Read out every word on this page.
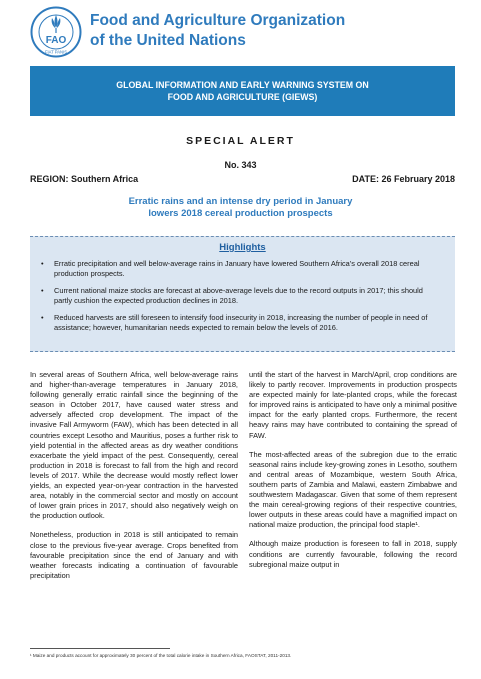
FAO
FIAT PANIS
Food and Agriculture Organization
of the United Nations
GLOBAL INFORMATION AND EARLY WARNING SYSTEM ON
FOOD AND AGRICULTURE (GIEWS)
SPECIAL ALERT
No. 343
REGION: Southern Africa	DATE: 26 February 2018
Erratic rains and an intense dry period in January
lowers 2018 cereal production prospects
Highlights
•	Erratic precipitation and well below-average rains in January have lowered Southern Africa’s overall 2018 cereal production prospects.
•	Current national maize stocks are forecast at above-average levels due to the record outputs in 2017; this should partly cushion the expected production declines in 2018.
•	Reduced harvests are still foreseen to intensify food insecurity in 2018, increasing the number of people in need of assistance; however, humanitarian needs expected to remain below the levels of 2016.

In several areas of Southern Africa, well below-average rains and higher-than-average temperatures in January 2018, following generally erratic rainfall since the beginning of the season in October 2017, have caused water stress and adversely affected crop development. The impact of the invasive Fall Armyworm (FAW), which has been detected in all countries except Lesotho and Mauritius, poses a further risk to yield potential in the affected areas as dry weather conditions exacerbate the yield impact of the pest. Consequently, cereal production in 2018 is forecast to fall from the high and record levels of 2017. While the decrease would mostly reflect lower yields, an expected year-on-year contraction in the harvested area, notably in the commercial sector and mostly on account of lower grain prices in 2017, should also negatively weigh on the production outlook.

Nonetheless, production in 2018 is still anticipated to remain close to the previous five-year average. Crops benefited from favourable precipitation since the end of January and with weather forecasts indicating a continuation of favourable precipitation

until the start of the harvest in March/April, crop conditions are likely to partly recover. Improvements in production prospects are expected mainly for late-planted crops, while the forecast for improved rains is anticipated to have only a minimal positive impact for the early planted crops. Furthermore, the recent heavy rains may have contributed to containing the spread of FAW.

The most-affected areas of the subregion due to the erratic seasonal rains include key-growing zones in Lesotho, southern and central areas of Mozambique, western South Africa, southern parts of Zambia and Malawi, eastern Zimbabwe and southwestern Madagascar. Given that some of them represent the main cereal-growing regions of their respective countries, lower outputs in these areas could have a magnified impact on national maize production, the principal food staple¹.

Although maize production is foreseen to fall in 2018, supply conditions are currently favourable, following the record subregional maize output in

¹ Maize and products account for approximately 30 percent of the total calorie intake in Southern Africa, FAOSTAT, 2011-2013.
